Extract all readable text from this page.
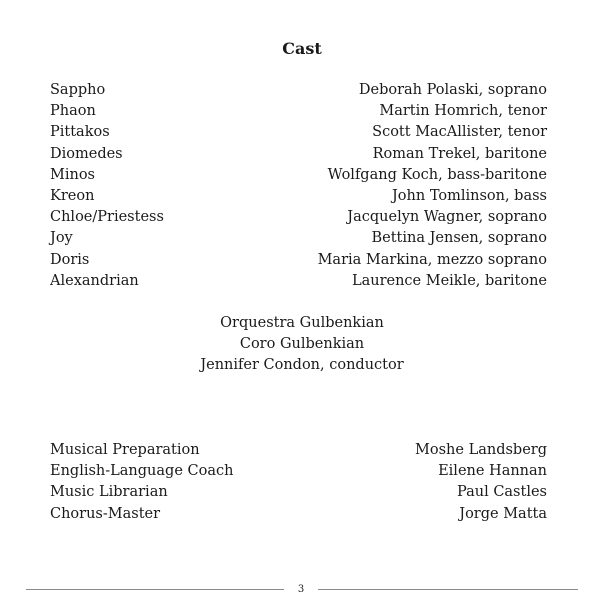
Cast
Sappho	Deborah Polaski, soprano
Phaon	Martin Homrich, tenor
Pittakos	Scott MacAllister, tenor
Diomedes	Roman Trekel, baritone
Minos	Wolfgang Koch, bass-baritone
Kreon	John Tomlinson, bass
Chloe/Priestess	Jacquelyn Wagner, soprano
Joy	Bettina Jensen, soprano
Doris	Maria Markina, mezzo soprano
Alexandrian	Laurence Meikle, baritone
Orquestra Gulbenkian
Coro Gulbenkian
Jennifer Condon, conductor
Musical Preparation	Moshe Landsberg
English-Language Coach	Eilene Hannan
Music Librarian	Paul Castles
Chorus-Master	Jorge Matta
3
